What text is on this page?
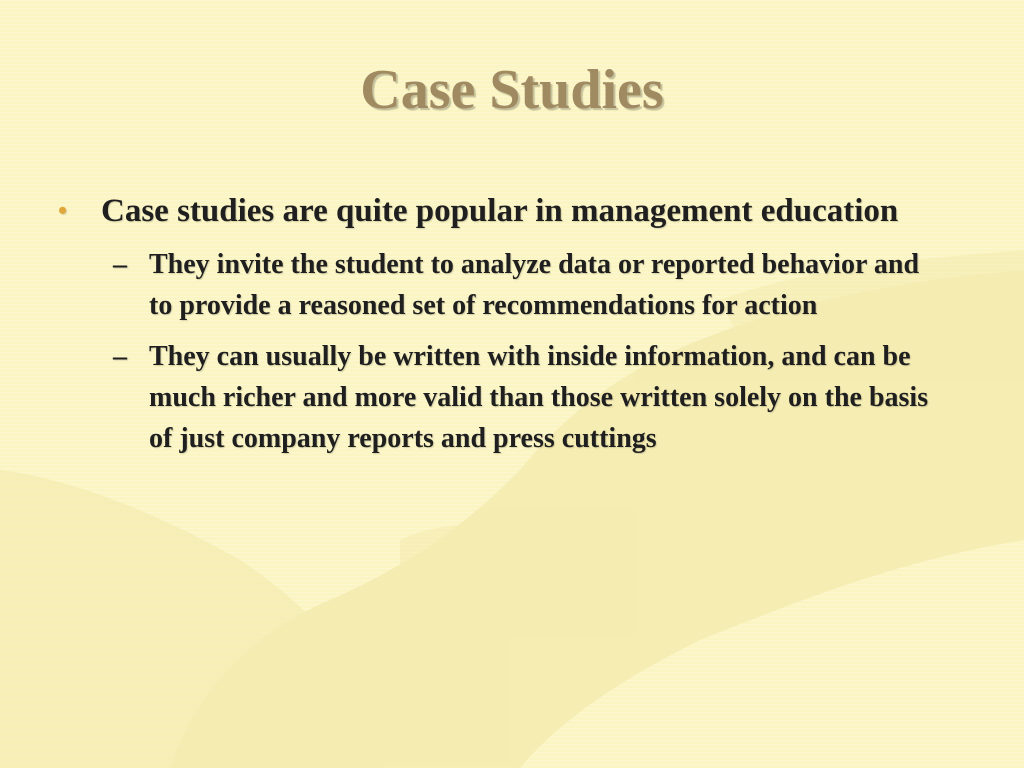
Case Studies
• Case studies are quite popular in management education
– They invite the student to analyze data or reported behavior and to provide a reasoned set of recommendations for action
– They can usually be written with inside information, and can be much richer and more valid than those written solely on the basis of just company reports and press cuttings
